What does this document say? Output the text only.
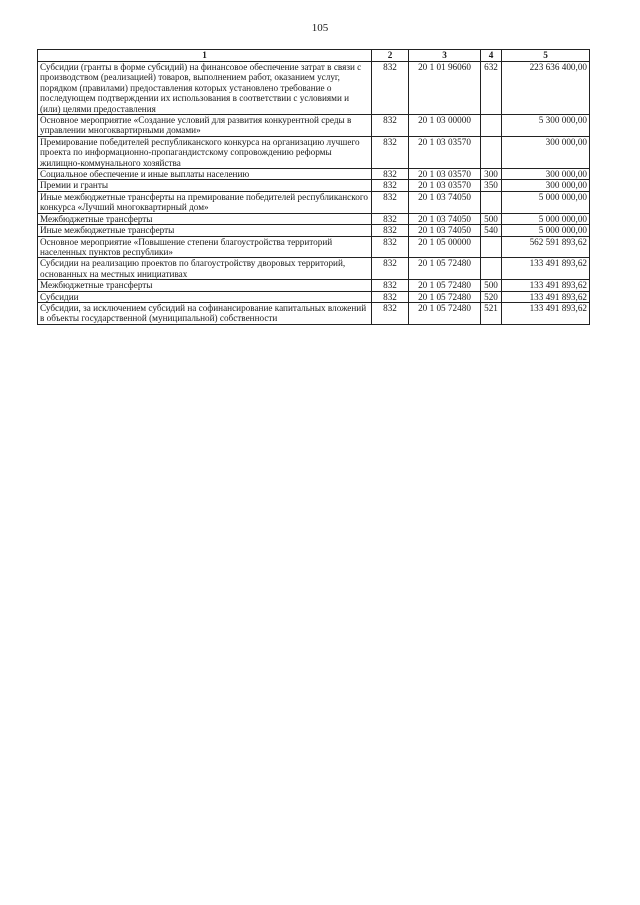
105
1	2	3	4	5
Субсидии (гранты в форме субсидий) на финансовое обеспечение затрат в связи с производством (реализацией) товаров, выполнением работ, оказанием услуг, порядком (правилами) предоставления которых установлено требование о последующем подтверждении их использования в соответствии с условиями и (или) целями предоставления	832	20 1 01 96060	632	223 636 400,00
Основное мероприятие «Создание условий для развития конкурентной среды в управлении многоквартирными домами»	832	20 1 03 00000		5 300 000,00
Премирование победителей республиканского конкурса на организацию лучшего проекта по информационно-пропагандистскому сопровождению реформы жилищно-коммунального хозяйства	832	20 1 03 03570		300 000,00
Социальное обеспечение и иные выплаты населению	832	20 1 03 03570	300	300 000,00
Премии и гранты	832	20 1 03 03570	350	300 000,00
Иные межбюджетные трансферты на премирование победителей республиканского конкурса «Лучший многоквартирный дом»	832	20 1 03 74050		5 000 000,00
Межбюджетные трансферты	832	20 1 03 74050	500	5 000 000,00
Иные межбюджетные трансферты	832	20 1 03 74050	540	5 000 000,00
Основное мероприятие «Повышение степени благоустройства территорий населенных пунктов республики»	832	20 1 05 00000		562 591 893,62
Субсидии на реализацию проектов по благоустройству дворовых территорий, основанных на местных инициативах	832	20 1 05 72480		133 491 893,62
Межбюджетные трансферты	832	20 1 05 72480	500	133 491 893,62
Субсидии	832	20 1 05 72480	520	133 491 893,62
Субсидии, за исключением субсидий на софинансирование капитальных вложений в объекты государственной (муниципальной) собственности	832	20 1 05 72480	521	133 491 893,62
